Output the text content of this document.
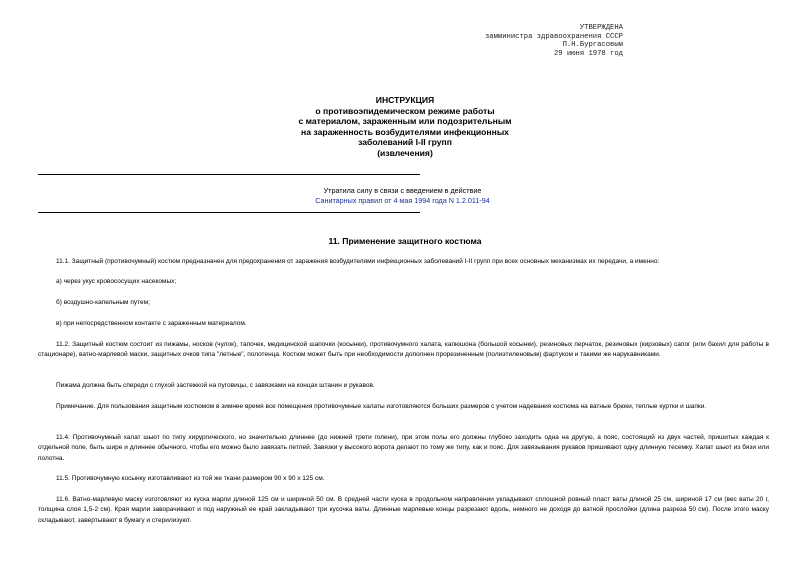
УТВЕРЖДЕНА
замминистра здравоохранения СССР
П.Н.Бургасовым
29 июня 1978 год
ИНСТРУКЦИЯ
о противоэпидемическом режиме работы
с материалом, зараженным или подозрительным
на зараженность возбудителями инфекционных
заболеваний I-II групп
(извлечения)
Утратила силу в связи с введением в действие
Санитарных правил от 4 мая 1994 года N 1.2.011-94
11. Применение защитного костюма
11.1. Защитный (противочумный) костюм предназначен для предохранения от заражения возбудителями инфекционных заболеваний I-II групп при всех основных механизмах их передачи, а именно:
а) через укус кровососущих насекомых;
б) воздушно-капельным путем;
в) при непосредственном контакте с зараженным материалом.
11.2. Защитный костюм состоит из пижамы, носков (чулок), тапочек, медицинской шапочки (косынки), противочумного халата, капюшона (большой косынки), резиновых перчаток, резиновых (кирзовых) сапог (или бахил для работы в стационаре), ватно-марлевой маски, защитных очков типа "летные", полотенца. Костюм может быть при необходимости дополнен прорезиненным (полиэтиленовым) фартуком и такими же нарукавниками.
Пижама должна быть спереди с глухой застежкой на пуговицы, с завязками на концах штанин и рукавов.
Примечание. Для пользования защитным костюмом в зимнее время все помещения противочумные халаты изготовляются больших размеров с учетом надевания костюма на ватные брюки, теплые куртки и шапки.
11.4. Противочумный халат шьют по типу хирургического, но значительно длиннее (до нижней трети голени), при этом полы его должны глубоко заходить одна на другую, а пояс, состоящий из двух частей, пришитых каждая к отдельной поле, быть шире и длиннее обычного, чтобы его можно было завязать петлей. Завязки у высокого ворота делают по тому же типу, как и пояс. Для завязывания рукавов пришивают одну длинную тесемку. Халат шьют из бязи или полотна.
11.5. Противочумную косынку изготавливают из той же ткани размером 90 x 90 x 125 см.
11.6. Ватно-марлевую маску изготовляют из куска марли длиной 125 см и шириной 50 см. В средней части куска в продольном направлении укладывают сплошной ровный пласт ваты длиной 25 см, шириной 17 см (вес ваты 20 г, толщина слоя 1,5-2 см). Края марли заворачивают и под наружный ее край закладывают три кусочка ваты. Длинные марлевые концы разрезают вдоль, немного не доходя до ватной прослойки (длина разреза 50 см). После этого маску складывают, завертывают в бумагу и стерилизуют.
